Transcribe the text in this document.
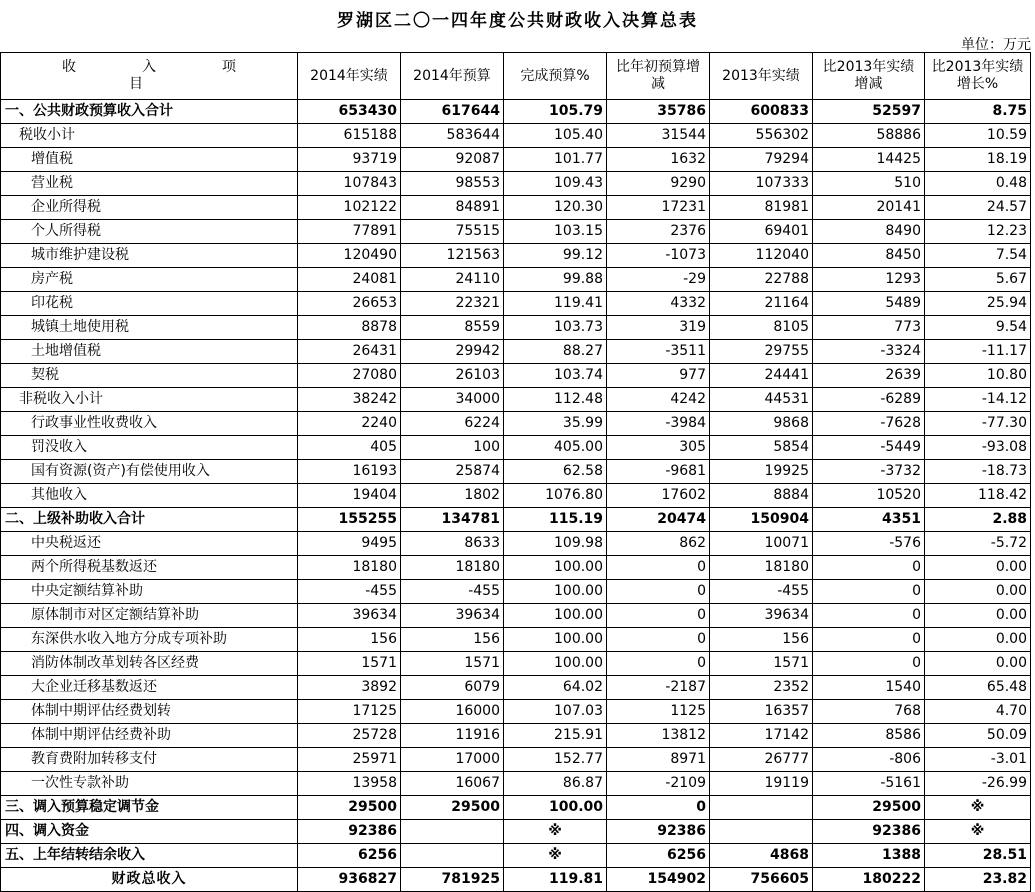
罗湖区二〇一四年度公共财政收入决算总表
单位：万元
收　入　项　目	2014年实绩	2014年预算	完成预算%	比年初预算增减	2013年实绩	比2013年实绩增减	比2013年实绩增长%
一、公共财政预算收入合计	653430	617644	105.79	35786	600833	52597	8.75
税收小计	615188	583644	105.40	31544	556302	58886	10.59
增值税	93719	92087	101.77	1632	79294	14425	18.19
营业税	107843	98553	109.43	9290	107333	510	0.48
企业所得税	102122	84891	120.30	17231	81981	20141	24.57
个人所得税	77891	75515	103.15	2376	69401	8490	12.23
城市维护建设税	120490	121563	99.12	-1073	112040	8450	7.54
房产税	24081	24110	99.88	-29	22788	1293	5.67
印花税	26653	22321	119.41	4332	21164	5489	25.94
城镇土地使用税	8878	8559	103.73	319	8105	773	9.54
土地增值税	26431	29942	88.27	-3511	29755	-3324	-11.17
契税	27080	26103	103.74	977	24441	2639	10.80
非税收入小计	38242	34000	112.48	4242	44531	-6289	-14.12
行政事业性收费收入	2240	6224	35.99	-3984	9868	-7628	-77.30
罚没收入	405	100	405.00	305	5854	-5449	-93.08
国有资源(资产)有偿使用收入	16193	25874	62.58	-9681	19925	-3732	-18.73
其他收入	19404	1802	1076.80	17602	8884	10520	118.42
二、上级补助收入合计	155255	134781	115.19	20474	150904	4351	2.88
中央税返还	9495	8633	109.98	862	10071	-576	-5.72
两个所得税基数返还	18180	18180	100.00	0	18180	0	0.00
中央定额结算补助	-455	-455	100.00	0	-455	0	0.00
原体制市对区定额结算补助	39634	39634	100.00	0	39634	0	0.00
东深供水收入地方分成专项补助	156	156	100.00	0	156	0	0.00
消防体制改革划转各区经费	1571	1571	100.00	0	1571	0	0.00
大企业迁移基数返还	3892	6079	64.02	-2187	2352	1540	65.48
体制中期评估经费划转	17125	16000	107.03	1125	16357	768	4.70
体制中期评估经费补助	25728	11916	215.91	13812	17142	8586	50.09
教育费附加转移支付	25971	17000	152.77	8971	26777	-806	-3.01
一次性专款补助	13958	16067	86.87	-2109	19119	-5161	-26.99
三、调入预算稳定调节金	29500	29500	100.00	0		29500	※
四、调入资金	92386		※	92386		92386	※
五、上年结转结余收入	6256		※	6256	4868	1388	28.51
财政总收入	936827	781925	119.81	154902	756605	180222	23.82
